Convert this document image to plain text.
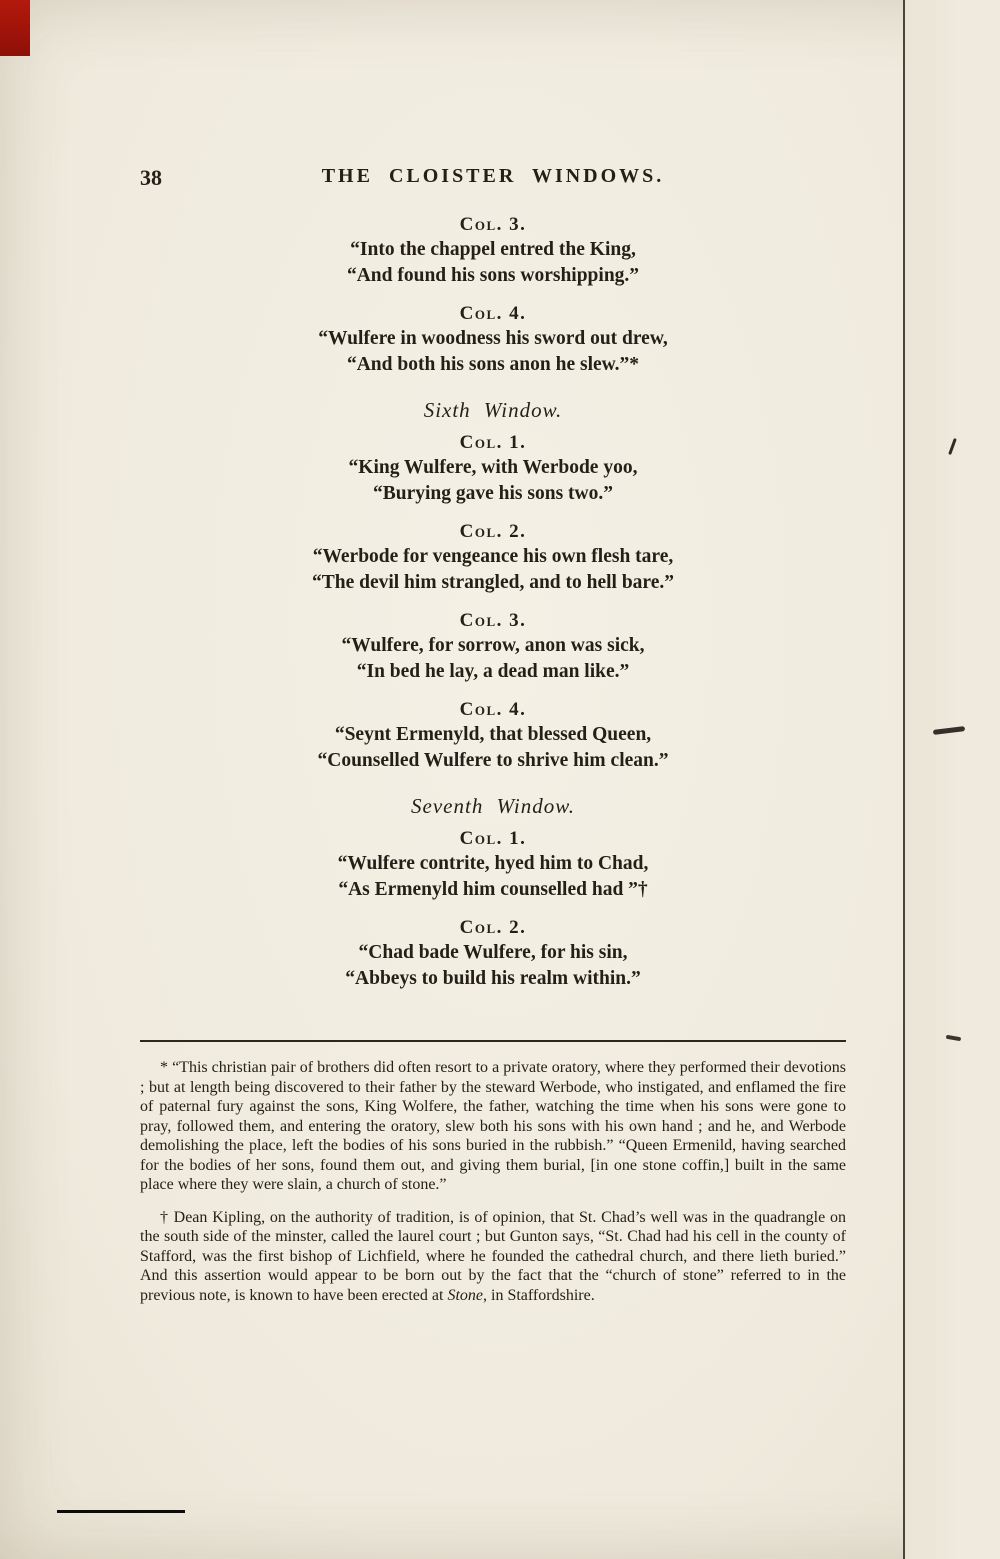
38	THE CLOISTER WINDOWS.
Col. 3.
“Into the chappel entred the King,
“And found his sons worshipping.”
Col. 4.
“Wulfere in woodness his sword out drew,
“And both his sons anon he slew.”*
Sixth Window.
Col. 1.
“King Wulfere, with Werbode yoo,
“Burying gave his sons two.”
Col. 2.
“Werbode for vengeance his own flesh tare,
“The devil him strangled, and to hell bare.”
Col. 3.
“Wulfere, for sorrow, anon was sick,
“In bed he lay, a dead man like.”
Col. 4.
“Seynt Ermenyld, that blessed Queen,
“Counselled Wulfere to shrive him clean.”
Seventh Window.
Col. 1.
“Wulfere contrite, hyed him to Chad,
“As Ermenyld him counselled had ”†
Col. 2.
“Chad bade Wulfere, for his sin,
“Abbeys to build his realm within.”

* “This christian pair of brothers did often resort to a private oratory, where they performed their devotions ; but at length being discovered to their father by the steward Werbode, who instigated, and enflamed the fire of paternal fury against the sons, King Wolfere, the father, watching the time when his sons were gone to pray, followed them, and entering the oratory, slew both his sons with his own hand ; and he, and Werbode demolishing the place, left the bodies of his sons buried in the rubbish.” “Queen Ermenild, having searched for the bodies of her sons, found them out, and giving them burial, [in one stone coffin,] built in the same place where they were slain, a church of stone.”

† Dean Kipling, on the authority of tradition, is of opinion, that St. Chad’s well was in the quadrangle on the south side of the minster, called the laurel court ; but Gunton says, “St. Chad had his cell in the county of Stafford, was the first bishop of Lichfield, where he founded the cathedral church, and there lieth buried.” And this assertion would appear to be born out by the fact that the “church of stone” referred to in the previous note, is known to have been erected at Stone, in Staffordshire.
